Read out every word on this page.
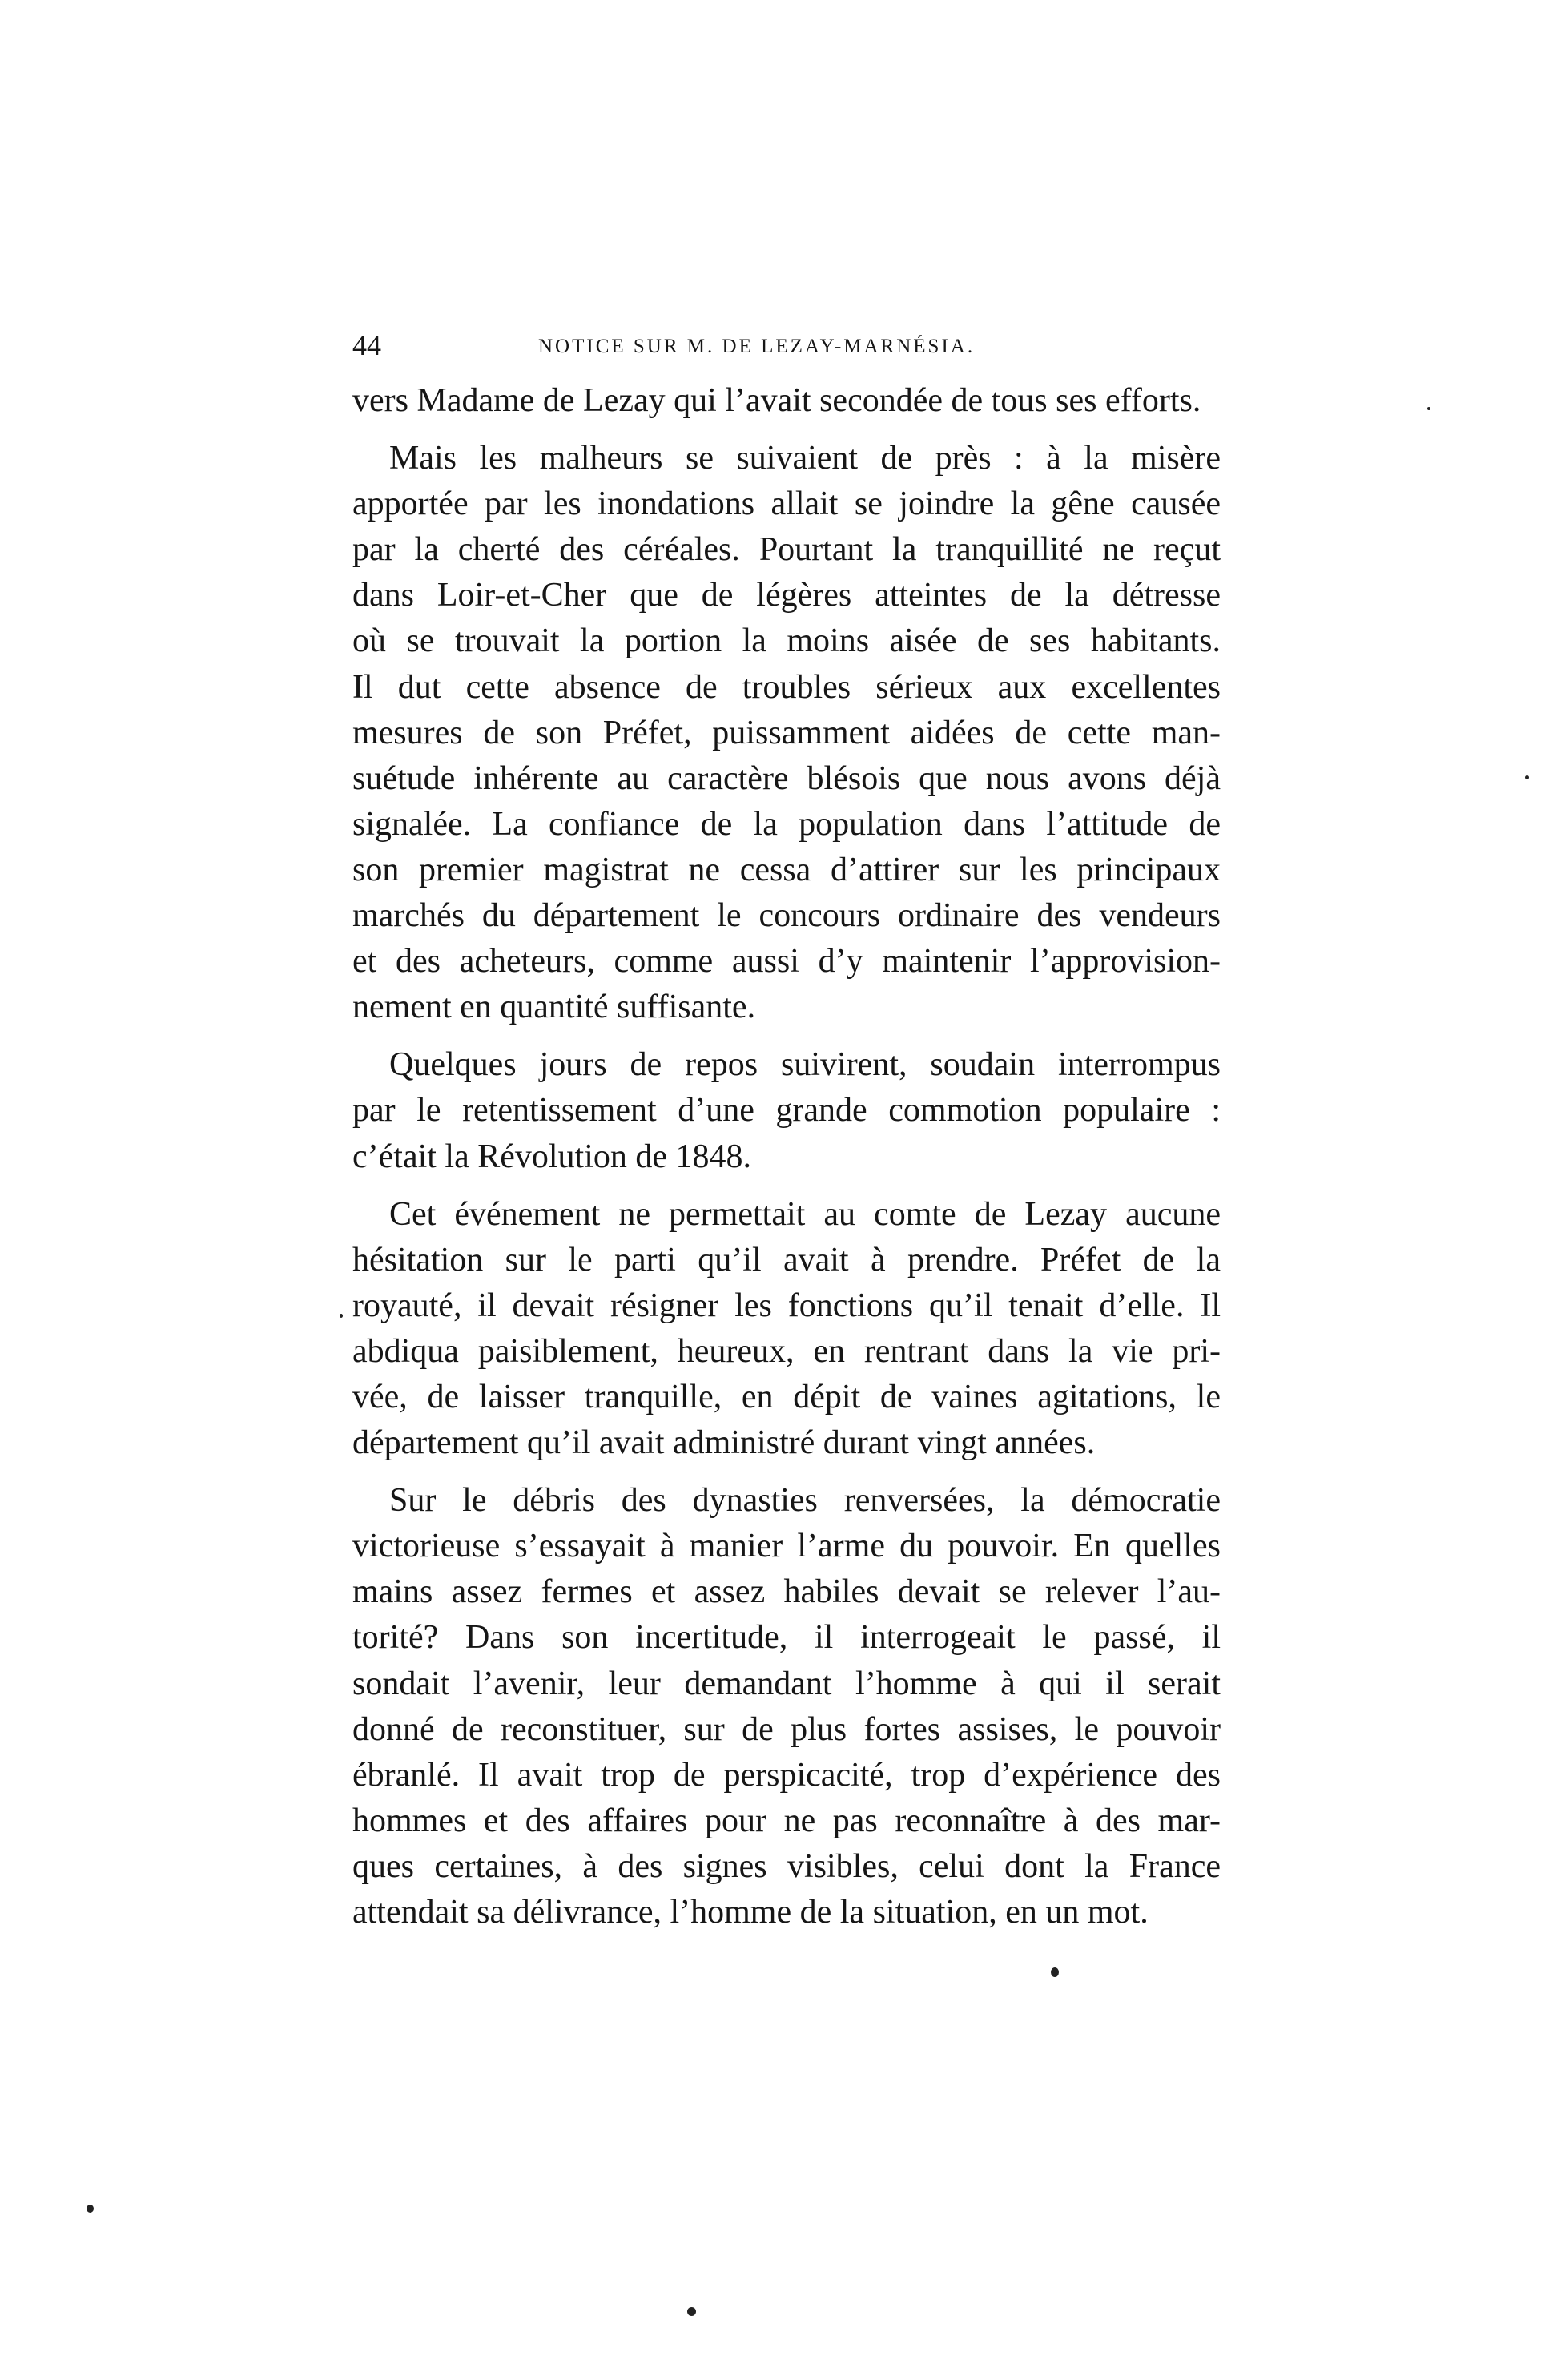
44	NOTICE SUR M. DE LEZAY-MARNÉSIA.
vers Madame de Lezay qui l’avait secondée de tous ses efforts.
Mais les malheurs se suivaient de près : à la misère
apportée par les inondations allait se joindre la gêne causée
par la cherté des céréales. Pourtant la tranquillité ne reçut
dans Loir-et-Cher que de légères atteintes de la détresse
où se trouvait la portion la moins aisée de ses habitants.
Il dut cette absence de troubles sérieux aux excellentes
mesures de son Préfet, puissamment aidées de cette man-
suétude inhérente au caractère blésois que nous avons déjà
signalée. La confiance de la population dans l’attitude de
son premier magistrat ne cessa d’attirer sur les principaux
marchés du département le concours ordinaire des vendeurs
et des acheteurs, comme aussi d’y maintenir l’approvision-
nement en quantité suffisante.
Quelques jours de repos suivirent, soudain interrompus
par le retentissement d’une grande commotion populaire :
c’était la Révolution de 1848.
Cet événement ne permettait au comte de Lezay aucune
hésitation sur le parti qu’il avait à prendre. Préfet de la
royauté, il devait résigner les fonctions qu’il tenait d’elle. Il
abdiqua paisiblement, heureux, en rentrant dans la vie pri-
vée, de laisser tranquille, en dépit de vaines agitations, le
département qu’il avait administré durant vingt années.
Sur le débris des dynasties renversées, la démocratie
victorieuse s’essayait à manier l’arme du pouvoir. En quelles
mains assez fermes et assez habiles devait se relever l’au-
torité? Dans son incertitude, il interrogeait le passé, il
sondait l’avenir, leur demandant l’homme à qui il serait
donné de reconstituer, sur de plus fortes assises, le pouvoir
ébranlé. Il avait trop de perspicacité, trop d’expérience des
hommes et des affaires pour ne pas reconnaître à des mar-
ques certaines, à des signes visibles, celui dont la France
attendait sa délivrance, l’homme de la situation, en un mot.
